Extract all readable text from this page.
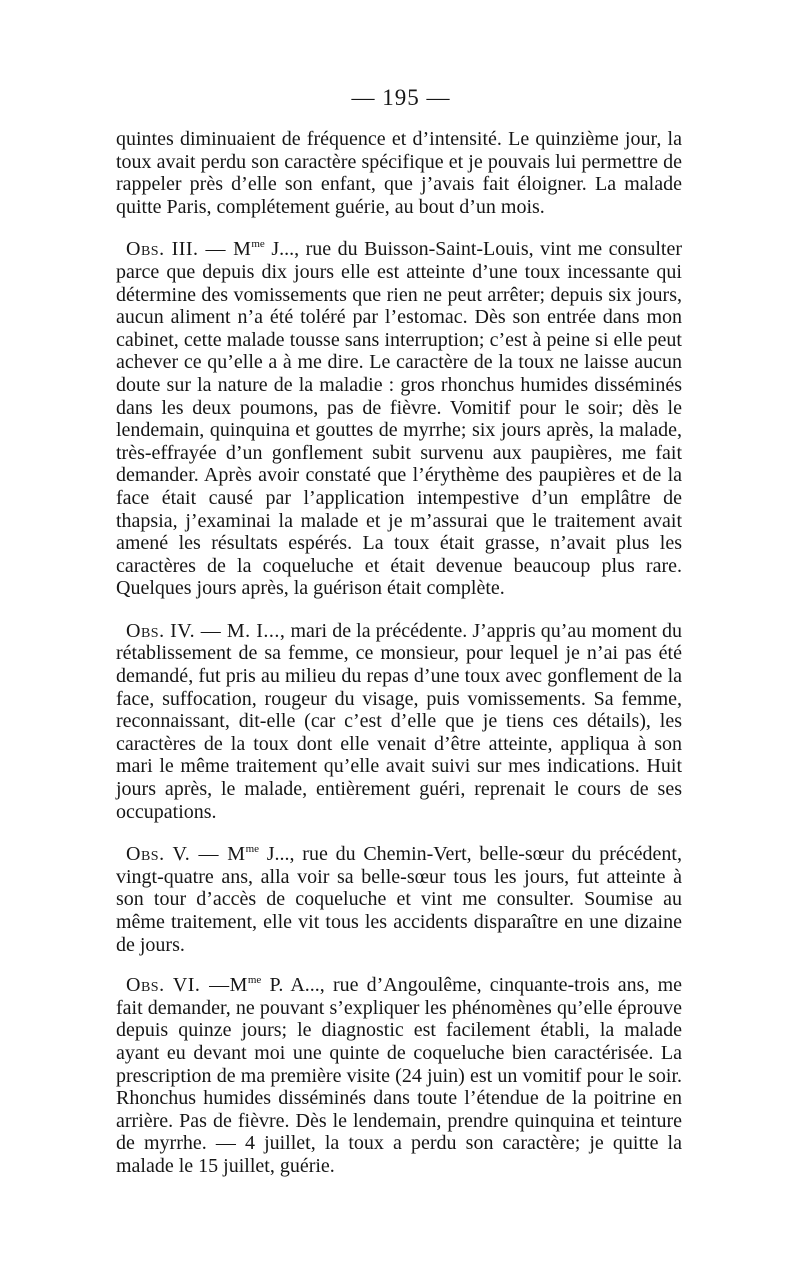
— 195 —

quintes diminuaient de fréquence et d’intensité. Le quinzième jour, la toux avait perdu son caractère spécifique et je pouvais lui permettre de rappeler près d’elle son enfant, que j’avais fait éloigner. La malade quitte Paris, complétement guérie, au bout d’un mois.

Obs. III. — $M^{me}$ J..., rue du Buisson-Saint-Louis, vint me consulter parce que depuis dix jours elle est atteinte d’une toux incessante qui détermine des vomissements que rien ne peut arrêter; depuis six jours, aucun aliment n’a été toléré par l’estomac. Dès son entrée dans mon cabinet, cette malade tousse sans interruption; c’est à peine si elle peut achever ce qu’elle a à me dire. Le caractère de la toux ne laisse aucun doute sur la nature de la maladie : gros rhonchus humides disséminés dans les deux poumons, pas de fièvre. Vomitif pour le soir; dès le lendemain, quinquina et gouttes de myrrhe; six jours après, la malade, très-effrayée d’un gonflement subit survenu aux paupières, me fait demander. Après avoir constaté que l’érythème des paupières et de la face était causé par l’application intempestive d’un emplâtre de thapsia, j’examinai la malade et je m’assurai que le traitement avait amené les résultats espérés. La toux était grasse, n’avait plus les caractères de la coqueluche et était devenue beaucoup plus rare. Quelques jours après, la guérison était complète.

Obs. IV. — M. I..., mari de la précédente. J’appris qu’au moment du rétablissement de sa femme, ce monsieur, pour lequel je n’ai pas été demandé, fut pris au milieu du repas d’une toux avec gonflement de la face, suffocation, rougeur du visage, puis vomissements. Sa femme, reconnaissant, dit-elle (car c’est d’elle que je tiens ces détails), les caractères de la toux dont elle venait d’être atteinte, appliqua à son mari le même traitement qu’elle avait suivi sur mes indications. Huit jours après, le malade, entièrement guéri, reprenait le cours de ses occupations.

Obs. V. — $M^{me}$ J..., rue du Chemin-Vert, belle-sœur du précédent, vingt-quatre ans, alla voir sa belle-sœur tous les jours, fut atteinte à son tour d’accès de coqueluche et vint me consulter. Soumise au même traitement, elle vit tous les accidents disparaître en une dizaine de jours.

Obs. VI. $—M^{me}$ P. A..., rue d’Angoulême, cinquante-trois ans, me fait demander, ne pouvant s’expliquer les phénomènes qu’elle éprouve depuis quinze jours; le diagnostic est facilement établi, la malade ayant eu devant moi une quinte de coqueluche bien caractérisée. La prescription de ma première visite (24 juin) est un vomitif pour le soir. Rhonchus humides disséminés dans toute l’étendue de la poitrine en arrière. Pas de fièvre. Dès le lendemain, prendre quinquina et teinture de myrrhe. — 4 juillet, la toux a perdu son caractère; je quitte la malade le 15 juillet, guérie.
